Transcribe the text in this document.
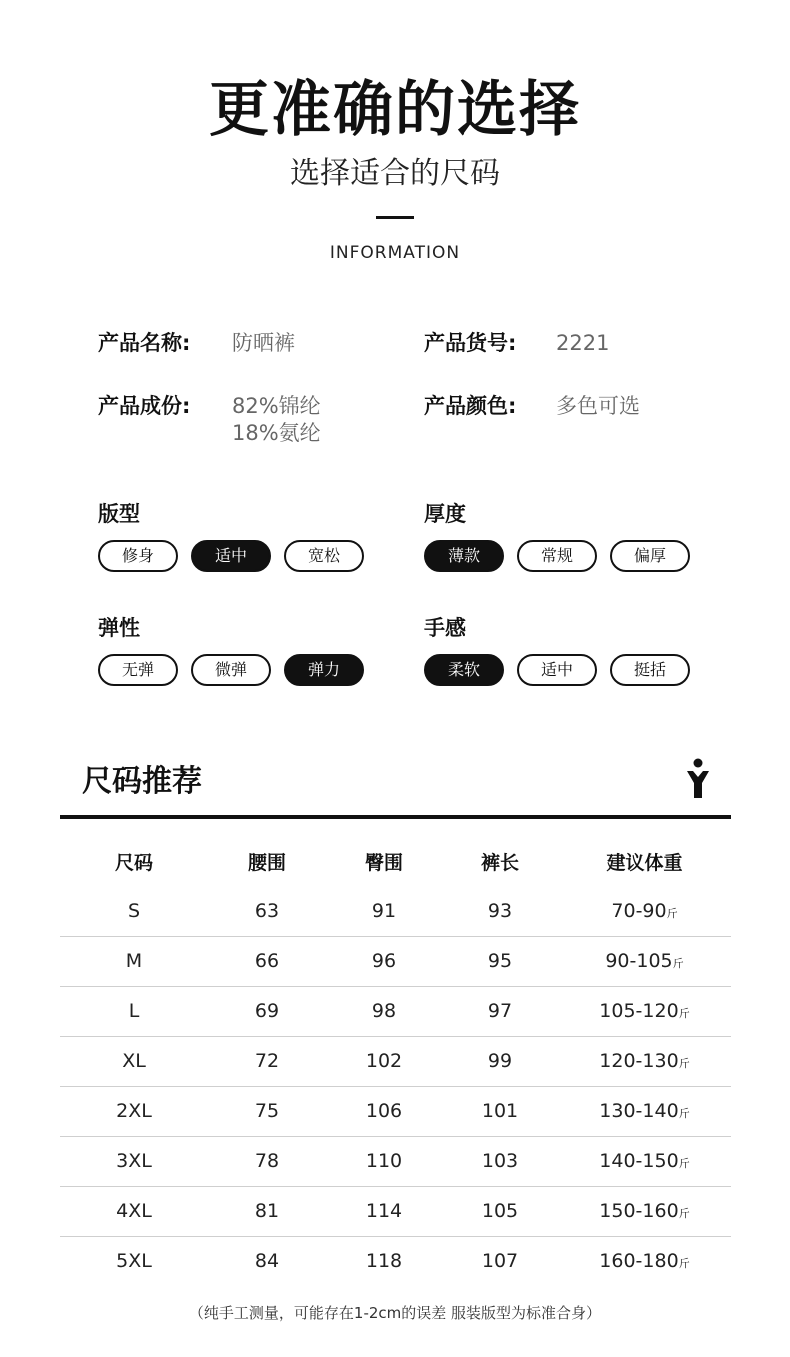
更准确的选择
选择适合的尺码
INFORMATION
产品名称: 防晒裤	产品货号: 2221
产品成份: 82%锦纶
18%氨纶
产品颜色: 多色可选
版型
修身	适中	宽松
厚度
薄款	常规	偏厚
弹性
无弹	微弹	弹力
手感
柔软	适中	挺括
尺码推荐
尺码	腰围	臀围	裤长	建议体重
S	63	91	93	70-90斤
M	66	96	95	90-105斤
L	69	98	97	105-120斤
XL	72	102	99	120-130斤
2XL	75	106	101	130-140斤
3XL	78	110	103	140-150斤
4XL	81	114	105	150-160斤
5XL	84	118	107	160-180斤
（纯手工测量，可能存在1-2cm的误差 服装版型为标准合身）
